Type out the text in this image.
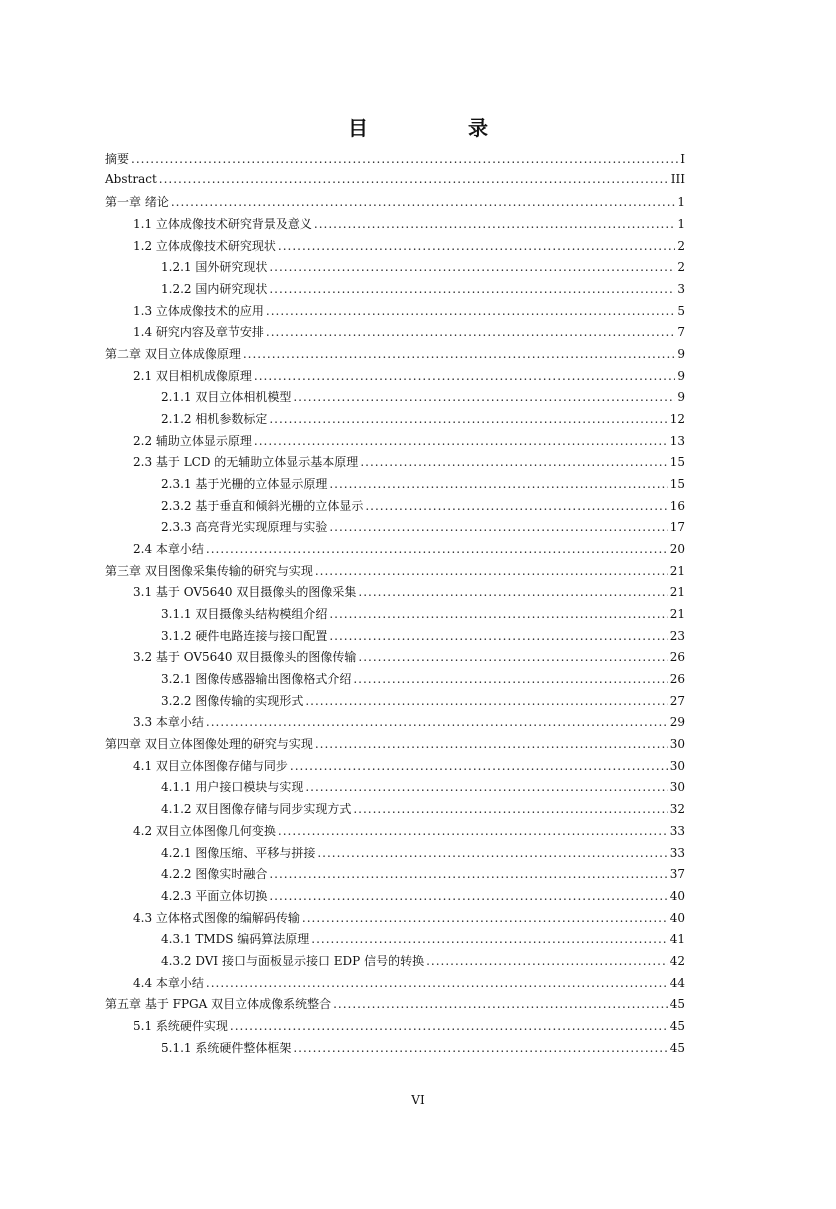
目　录
摘要 .....	I
Abstract .....	III
第一章 绪论 .....	1
1.1 立体成像技术研究背景及意义 .....	1
1.2 立体成像技术研究现状 .....	2
1.2.1 国外研究现状 .....	2
1.2.2 国内研究现状 .....	3
1.3 立体成像技术的应用 .....	5
1.4 研究内容及章节安排 .....	7
第二章 双目立体成像原理 .....	9
2.1 双目相机成像原理 .....	9
2.1.1 双目立体相机模型 .....	9
2.1.2 相机参数标定 .....	12
2.2 辅助立体显示原理 .....	13
2.3 基于 LCD 的无辅助立体显示基本原理 .....	15
2.3.1 基于光栅的立体显示原理 .....	15
2.3.2 基于垂直和倾斜光栅的立体显示 .....	16
2.3.3 高亮背光实现原理与实验 .....	17
2.4 本章小结 .....	20
第三章 双目图像采集传输的研究与实现 .....	21
3.1 基于 OV5640 双目摄像头的图像采集 .....	21
3.1.1 双目摄像头结构模组介绍 .....	21
3.1.2 硬件电路连接与接口配置 .....	23
3.2 基于 OV5640 双目摄像头的图像传输 .....	26
3.2.1 图像传感器输出图像格式介绍 .....	26
3.2.2 图像传输的实现形式 .....	27
3.3 本章小结 .....	29
第四章 双目立体图像处理的研究与实现 .....	30
4.1 双目立体图像存储与同步 .....	30
4.1.1 用户接口模块与实现 .....	30
4.1.2 双目图像存储与同步实现方式 .....	32
4.2 双目立体图像几何变换 .....	33
4.2.1 图像压缩、平移与拼接 .....	33
4.2.2 图像实时融合 .....	37
4.2.3 平面立体切换 .....	40
4.3 立体格式图像的编解码传输 .....	40
4.3.1 TMDS 编码算法原理 .....	41
4.3.2 DVI 接口与面板显示接口 EDP 信号的转换 .....	42
4.4 本章小结 .....	44
第五章 基于 FPGA 双目立体成像系统整合 .....	45
5.1 系统硬件实现 .....	45
5.1.1 系统硬件整体框架 .....	45
VI
